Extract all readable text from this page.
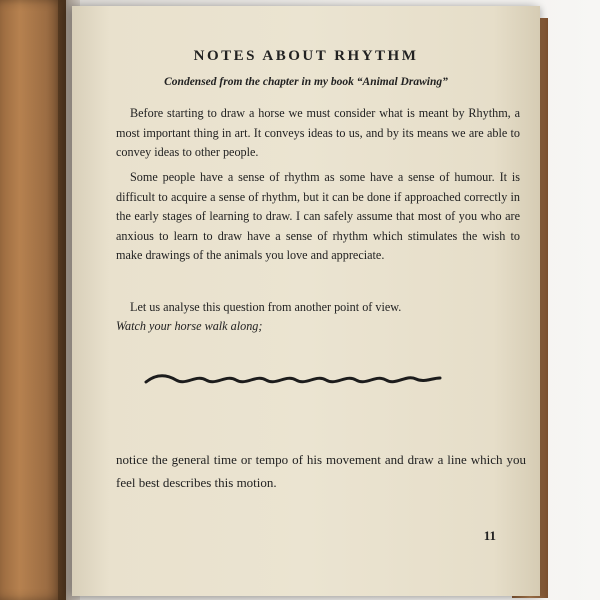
NOTES ABOUT RHYTHM
Condensed from the chapter in my book “Animal Drawing”
Before starting to draw a horse we must consider what is meant by Rhythm, a most important thing in art. It conveys ideas to us, and by its means we are able to convey ideas to other people.
Some people have a sense of rhythm as some have a sense of humour. It is difficult to acquire a sense of rhythm, but it can be done if approached correctly in the early stages of learning to draw. I can safely assume that most of you who are anxious to learn to draw have a sense of rhythm which stimulates the wish to make drawings of the animals you love and appreciate.
Let us analyse this question from another point of view.
Watch your horse walk along;
notice the general time or tempo of his movement and draw a line which you feel best describes this motion.
11
